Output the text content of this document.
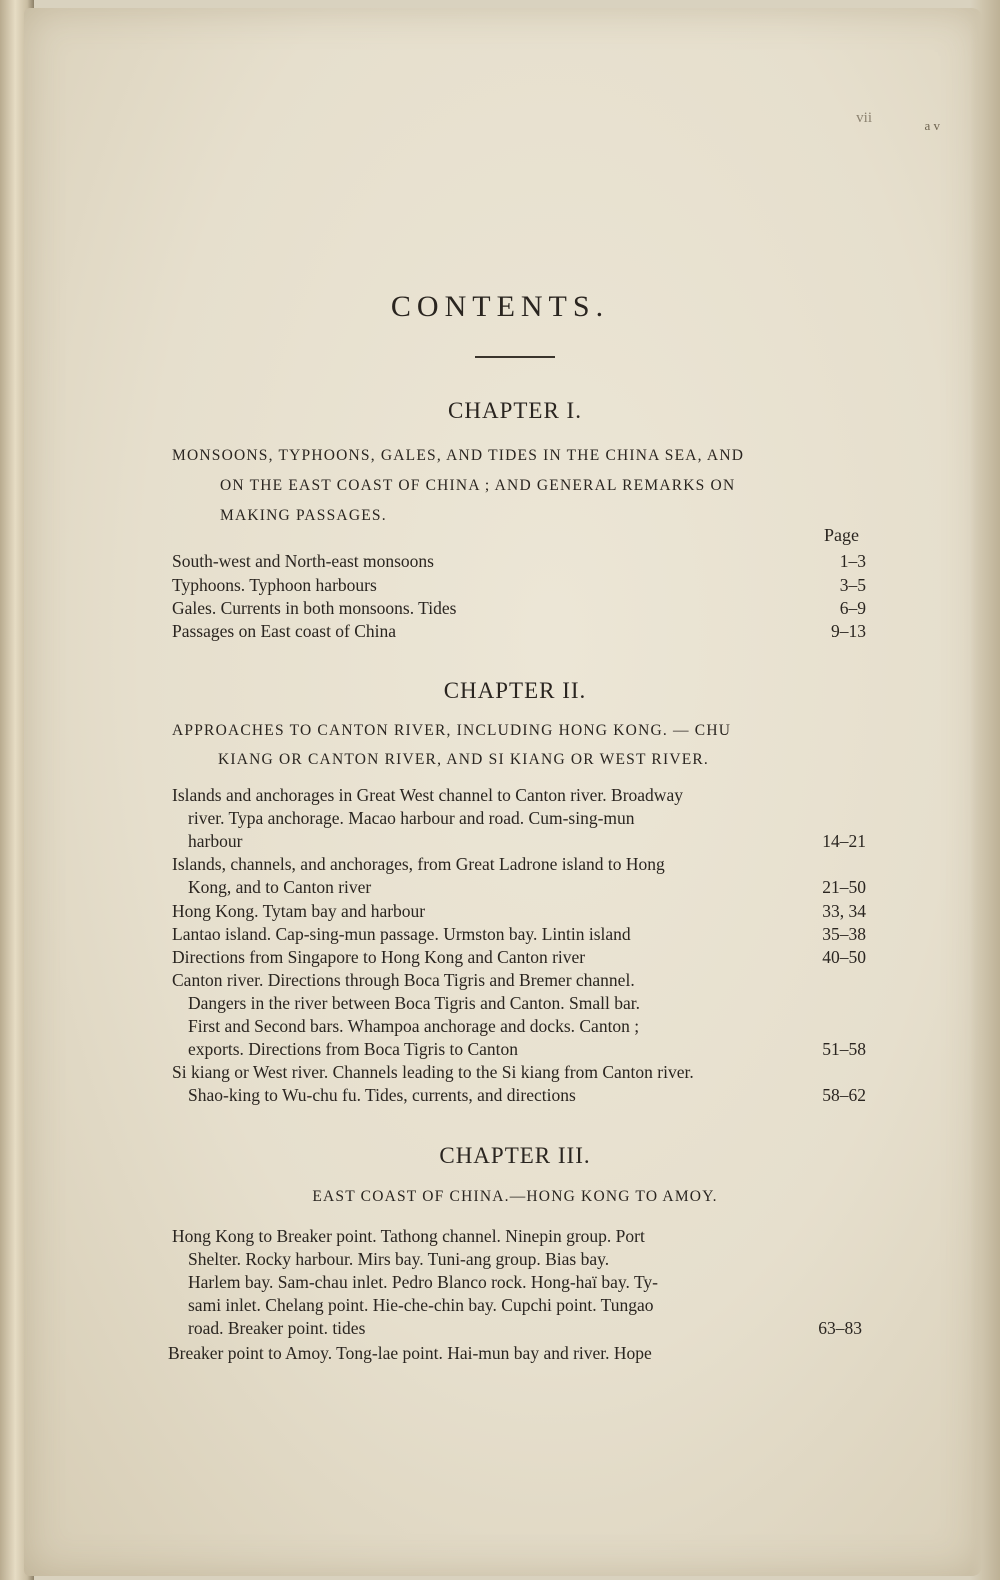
vii	a v
CONTENTS.
CHAPTER I.
MONSOONS, TYPHOONS, GALES, AND TIDES IN THE CHINA SEA, AND
ON THE EAST COAST OF CHINA ; AND GENERAL REMARKS ON
MAKING PASSAGES.
Page
South-west and North-east monsoons	1–3
Typhoons. Typhoon harbours	3–5
Gales. Currents in both monsoons. Tides	6–9
Passages on East coast of China	9–13
CHAPTER II.
APPROACHES TO CANTON RIVER, INCLUDING HONG KONG. — CHU
KIANG OR CANTON RIVER, AND SI KIANG OR WEST RIVER.
Islands and anchorages in Great West channel to Canton river. Broadway
river. Typa anchorage. Macao harbour and road. Cum-sing-mun
harbour	14–21
Islands, channels, and anchorages, from Great Ladrone island to Hong
Kong, and to Canton river	21–50
Hong Kong. Tytam bay and harbour	33, 34
Lantao island. Cap-sing-mun passage. Urmston bay. Lintin island	35–38
Directions from Singapore to Hong Kong and Canton river	40–50
Canton river. Directions through Boca Tigris and Bremer channel.
Dangers in the river between Boca Tigris and Canton. Small bar.
First and Second bars. Whampoa anchorage and docks. Canton ;
exports. Directions from Boca Tigris to Canton	51–58
Si kiang or West river. Channels leading to the Si kiang from Canton river.
Shao-king to Wu-chu fu. Tides, currents, and directions	58–62
CHAPTER III.
EAST COAST OF CHINA.—HONG KONG TO AMOY.
Hong Kong to Breaker point. Tathong channel. Ninepin group. Port
Shelter. Rocky harbour. Mirs bay. Tuni-ang group. Bias bay.
Harlem bay. Sam-chau inlet. Pedro Blanco rock. Hong-haï bay. Ty-
sami inlet. Chelang point. Hie-che-chin bay. Cupchi point. Tungao
road. Breaker point. tides	63–83
Breaker point to Amoy. Tong-lae point. Hai-mun bay and river. Hope
